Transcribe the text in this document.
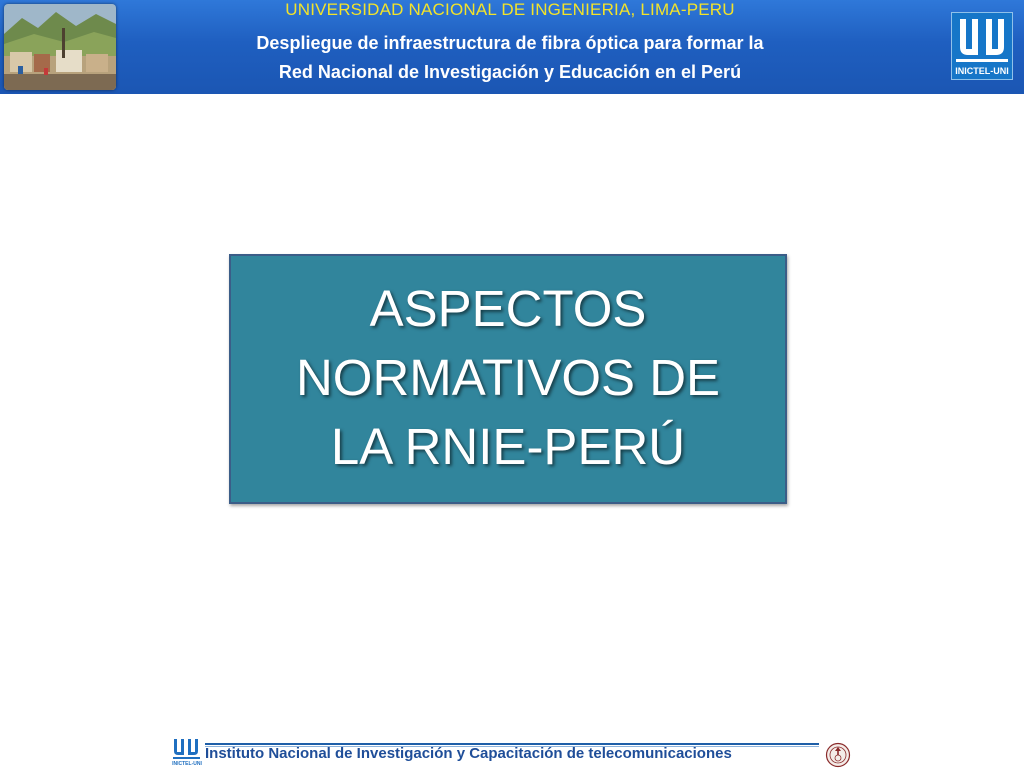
UNIVERSIDAD NACIONAL DE INGENIERIA, LIMA-PERU
Despliegue de infraestructura de fibra óptica para formar la
Red Nacional de Investigación y Educación en el Perú	INICTEL-UNI
ASPECTOS
NORMATIVOS DE
LA RNIE-PERÚ
INICTEL-UNI
Instituto Nacional de Investigación y Capacitación de telecomunicaciones
